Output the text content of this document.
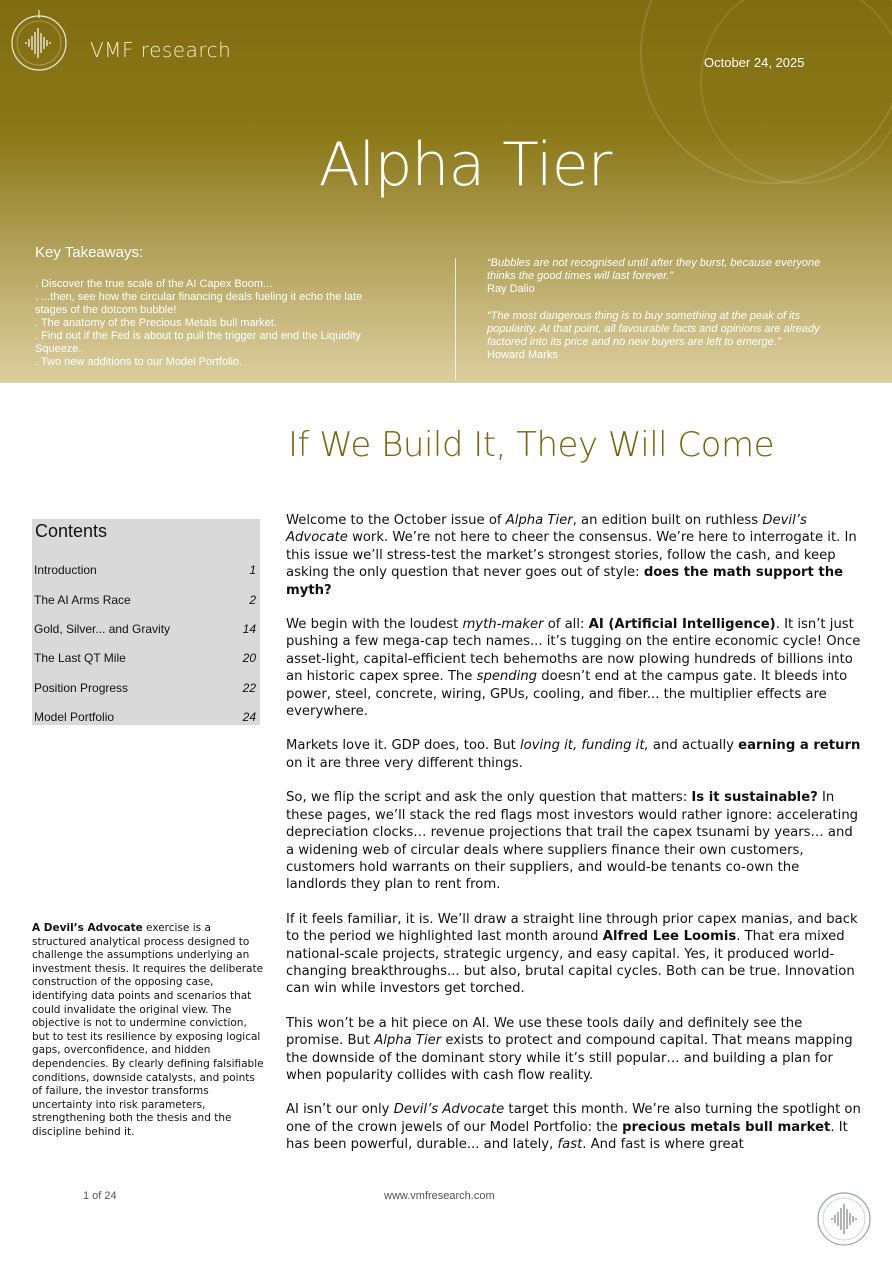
VMF research
October 24, 2025
Alpha Tier
Key Takeaways:
. Discover the true scale of the AI Capex Boom...
. ...then, see how the circular financing deals fueling it echo the late stages of the dotcom bubble!
. The anatomy of the Precious Metals bull market.
. Find out if the Fed is about to pull the trigger and end the Liquidity Squeeze.
. Two new additions to our Model Portfolio.
“Bubbles are not recognised until after they burst, because everyone thinks the good times will last forever.”
Ray Dalio
“The most dangerous thing is to buy something at the peak of its popularity. At that point, all favourable facts and opinions are already factored into its price and no new buyers are left to emerge.”
Howard Marks
If We Build It, They Will Come
Contents
Introduction	1
The AI Arms Race	2
Gold, Silver... and Gravity	14
The Last QT Mile	20
Position Progress	22
Model Portfolio	24
A Devil’s Advocate exercise is a structured analytical process designed to challenge the assumptions underlying an investment thesis. It requires the deliberate construction of the opposing case, identifying data points and scenarios that could invalidate the original view. The objective is not to undermine conviction, but to test its resilience by exposing logical gaps, overconfidence, and hidden dependencies. By clearly defining falsifiable conditions, downside catalysts, and points of failure, the investor transforms uncertainty into risk parameters, strengthening both the thesis and the discipline behind it.

Welcome to the October issue of Alpha Tier, an edition built on ruthless Devil’s Advocate work. We’re not here to cheer the consensus. We’re here to interrogate it. In this issue we’ll stress-test the market’s strongest stories, follow the cash, and keep asking the only question that never goes out of style: does the math support the myth?

We begin with the loudest myth-maker of all: AI (Artificial Intelligence). It isn’t just pushing a few mega-cap tech names... it’s tugging on the entire economic cycle! Once asset-light, capital-efficient tech behemoths are now plowing hundreds of billions into an historic capex spree. The spending doesn’t end at the campus gate. It bleeds into power, steel, concrete, wiring, GPUs, cooling, and fiber... the multiplier effects are everywhere.

Markets love it. GDP does, too. But loving it, funding it, and actually earning a return on it are three very different things.

So, we flip the script and ask the only question that matters: Is it sustainable? In these pages, we’ll stack the red flags most investors would rather ignore: accelerating depreciation clocks… revenue projections that trail the capex tsunami by years… and a widening web of circular deals where suppliers finance their own customers, customers hold warrants on their suppliers, and would-be tenants co-own the landlords they plan to rent from.

If it feels familiar, it is. We’ll draw a straight line through prior capex manias, and back to the period we highlighted last month around Alfred Lee Loomis. That era mixed national-scale projects, strategic urgency, and easy capital. Yes, it produced world-changing breakthroughs... but also, brutal capital cycles. Both can be true. Innovation can win while investors get torched.

This won’t be a hit piece on AI. We use these tools daily and definitely see the promise. But Alpha Tier exists to protect and compound capital. That means mapping the downside of the dominant story while it’s still popular… and building a plan for when popularity collides with cash flow reality.

AI isn’t our only Devil’s Advocate target this month. We’re also turning the spotlight on one of the crown jewels of our Model Portfolio: the precious metals bull market. It has been powerful, durable... and lately, fast. And fast is where great

1 of 24	www.vmfresearch.com
